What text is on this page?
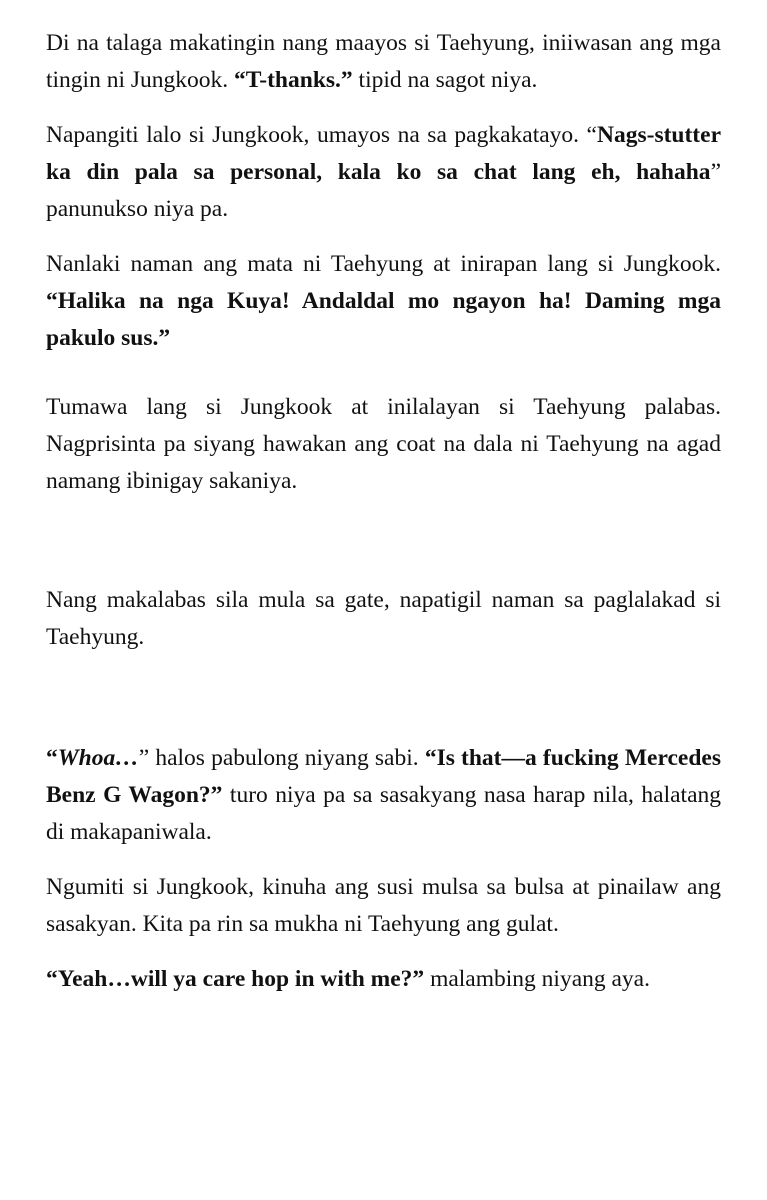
Di na talaga makatingin nang maayos si Taehyung, iniiwasan ang mga tingin ni Jungkook. “T-thanks.” tipid na sagot niya.

Napangiti lalo si Jungkook, umayos na sa pagkakatayo. “Nags-stutter ka din pala sa personal, kala ko sa chat lang eh, hahaha” panunukso niya pa.

Nanlaki naman ang mata ni Taehyung at inirapan lang si Jungkook. “Halika na nga Kuya! Andaldal mo ngayon ha! Daming mga pakulo sus.”

Tumawa lang si Jungkook at inilalayan si Taehyung palabas. Nagprisinta pa siyang hawakan ang coat na dala ni Taehyung na agad namang ibinigay sakaniya.

Nang makalabas sila mula sa gate, napatigil naman sa paglalakad si Taehyung.

“Whoa…” halos pabulong niyang sabi. “Is that—a fucking Mercedes Benz G Wagon?” turo niya pa sa sasakyang nasa harap nila, halatang di makapaniwala.

Ngumiti si Jungkook, kinuha ang susi mulsa sa bulsa at pinailaw ang sasakyan. Kita pa rin sa mukha ni Taehyung ang gulat.

“Yeah…will ya care hop in with me?” malambing niyang aya.
